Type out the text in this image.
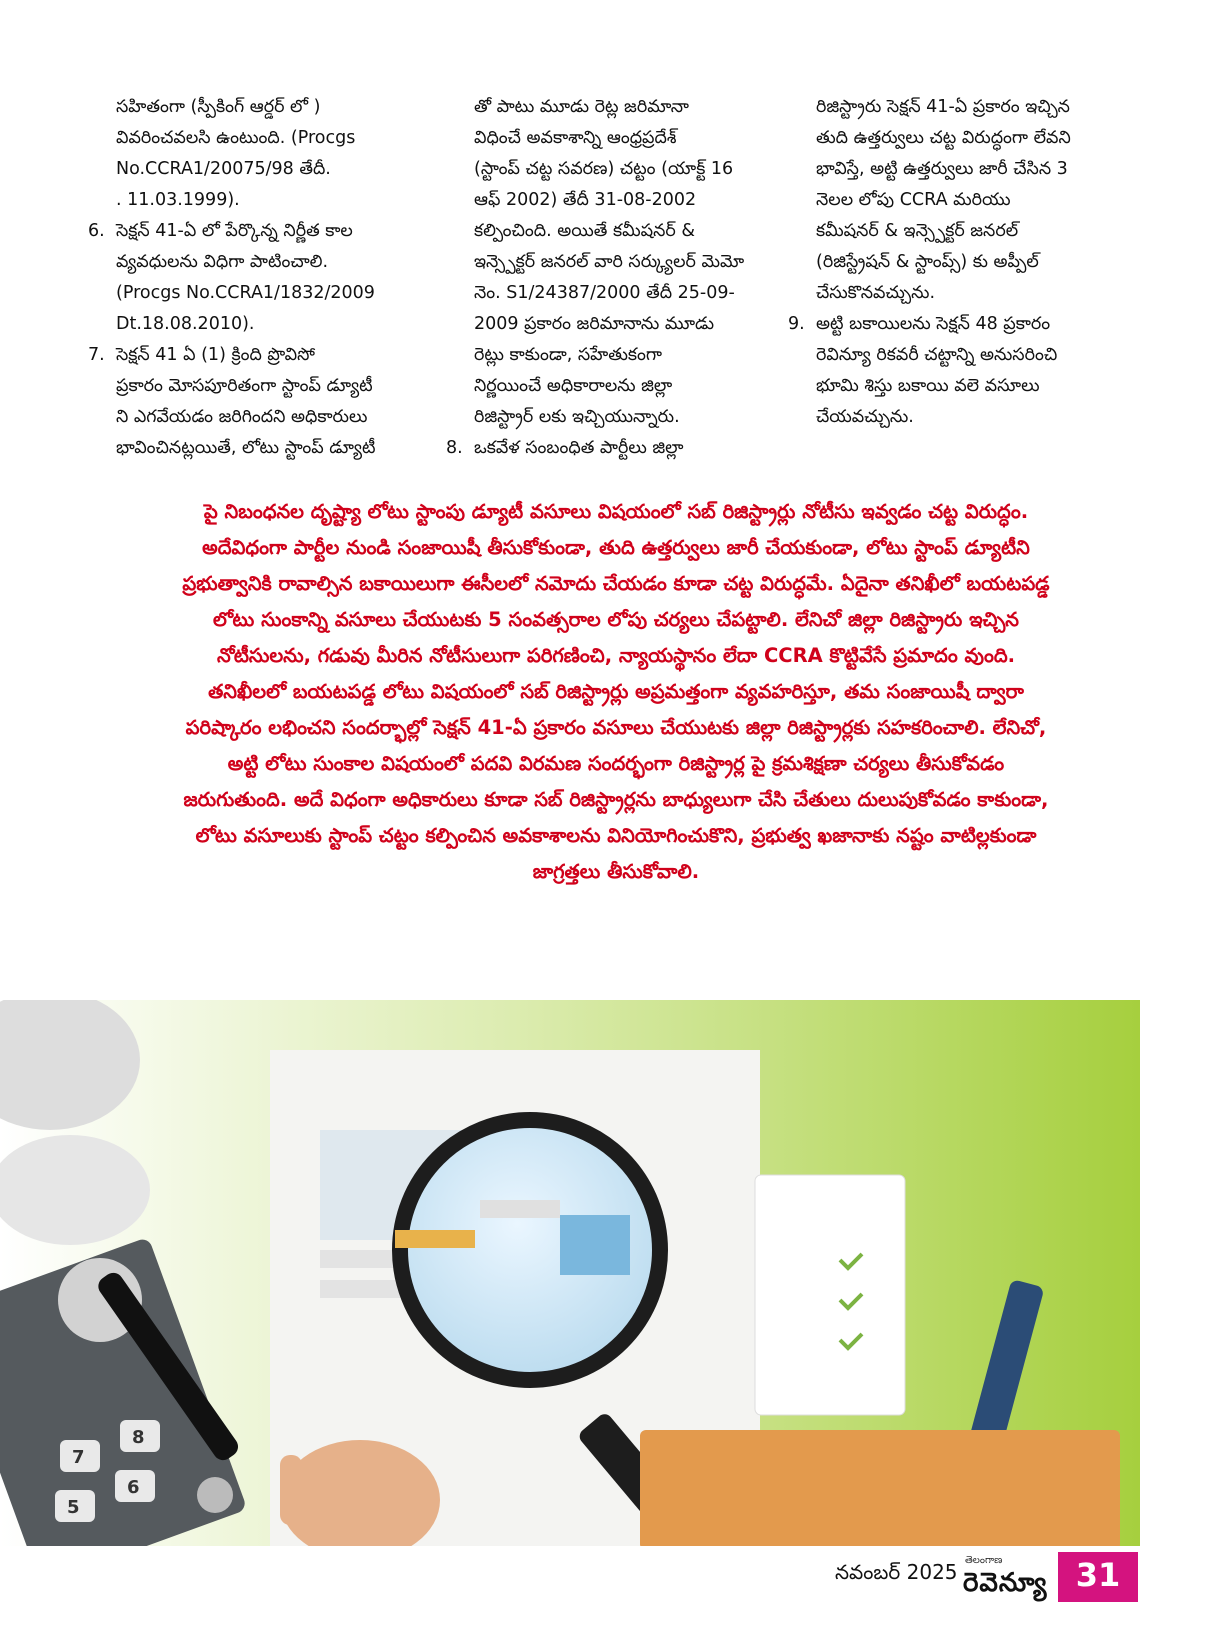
సహితంగా (స్పీకింగ్ ఆర్డర్ లో )
వివరించవలసి ఉంటుంది. (Procgs
No.CCRA1/20075/98 తేదీ.
. 11.03.1999).
6. సెక్షన్ 41-ఏ లో పేర్కొన్న నిర్ణీత కాల
వ్యవధులను విధిగా పాటించాలి.
(Procgs No.CCRA1/1832/2009
Dt.18.08.2010).
7. సెక్షన్ 41 ఏ (1) క్రింది ప్రొవిసో
ప్రకారం మోసపూరితంగా స్టాంప్ డ్యూటీ
ని ఎగవేయడం జరిగిందని అధికారులు
భావించినట్లయితే, లోటు స్టాంప్ డ్యూటీ
తో పాటు మూడు రెట్ల జరిమానా
విధించే అవకాశాన్ని ఆంధ్రప్రదేశ్
(స్టాంప్ చట్ట సవరణ) చట్టం (యాక్ట్ 16
ఆఫ్ 2002) తేదీ 31-08-2002
కల్పించింది. అయితే కమీషనర్ &
ఇన్స్పెక్టర్ జనరల్ వారి సర్క్యులర్ మెమో
నెం. S1/24387/2000 తేదీ 25-09-
2009 ప్రకారం జరిమానాను మూడు
రెట్లు కాకుండా, సహేతుకంగా
నిర్ణయించే అధికారాలను జిల్లా
రిజిస్ట్రార్ లకు ఇచ్చియున్నారు.
8. ఒకవేళ సంబంధిత పార్టీలు జిల్లా
రిజిస్ట్రారు సెక్షన్ 41-ఏ ప్రకారం ఇచ్చిన
తుది ఉత్తర్వులు చట్ట విరుద్ధంగా లేవని
భావిస్తే, అట్టి ఉత్తర్వులు జారీ చేసిన 3
నెలల లోపు CCRA మరియు
కమీషనర్ & ఇన్స్పెక్టర్ జనరల్
(రిజిస్ట్రేషన్ & స్టాంప్స్) కు అప్పీల్
చేసుకొనవచ్చును.
9. అట్టి బకాయిలను సెక్షన్ 48 ప్రకారం
రెవిన్యూ రికవరీ చట్టాన్ని అనుసరించి
భూమి శిస్తు బకాయి వలె వసూలు
చేయవచ్చును.
పై నిబంధనల దృష్ట్యా లోటు స్టాంపు డ్యూటీ వసూలు విషయంలో సబ్ రిజిస్ట్రార్లు నోటీసు ఇవ్వడం చట్ట విరుద్ధం.
అదేవిధంగా పార్టీల నుండి సంజాయిషీ తీసుకోకుండా, తుది ఉత్తర్వులు జారీ చేయకుండా, లోటు స్టాంప్ డ్యూటీని
ప్రభుత్వానికి రావాల్సిన బకాయిలుగా ఈసీలలో నమోదు చేయడం కూడా చట్ట విరుద్ధమే. ఏదైనా తనిఖీలో బయటపడ్డ
లోటు సుంకాన్ని వసూలు చేయుటకు 5 సంవత్సరాల లోపు చర్యలు చేపట్టాలి. లేనిచో జిల్లా రిజిస్ట్రారు ఇచ్చిన
నోటీసులను, గడువు మీరిన నోటీసులుగా పరిగణించి, న్యాయస్థానం లేదా CCRA కొట్టివేసే ప్రమాదం వుంది.
తనిఖీలలో బయటపడ్డ లోటు విషయంలో సబ్ రిజిస్ట్రార్లు అప్రమత్తంగా వ్యవహరిస్తూ, తమ సంజాయిషీ ద్వారా
పరిష్కారం లభించని సందర్భాల్లో సెక్షన్ 41-ఏ ప్రకారం వసూలు చేయుటకు జిల్లా రిజిస్ట్రార్లకు సహకరించాలి. లేనిచో,
అట్టి లోటు సుంకాల విషయంలో పదవి విరమణ సందర్భంగా రిజిస్ట్రార్ల పై క్రమశిక్షణా చర్యలు తీసుకోవడం
జరుగుతుంది. అదే విధంగా అధికారులు కూడా సబ్ రిజిస్ట్రార్లను బాధ్యులుగా చేసి చేతులు దులుపుకోవడం కాకుండా,
లోటు వసూలుకు స్టాంప్ చట్టం కల్పించిన అవకాశాలను వినియోగించుకొని, ప్రభుత్వ ఖజానాకు నష్టం వాటిల్లకుండా
జాగ్రత్తలు తీసుకోవాలి.
7
8
5
6
నవంబర్ 2025 తెలంగాణ
రెవెన్యూ 31
